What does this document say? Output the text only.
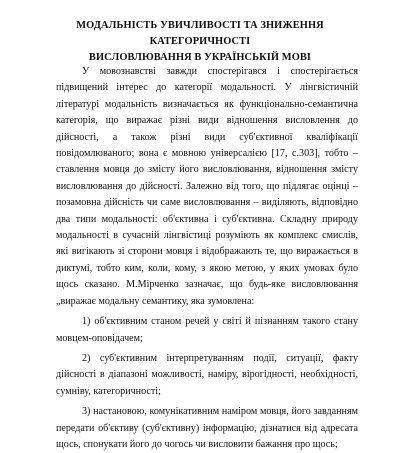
МОДАЛЬНІСТЬ УВИЧЛИВОСТІ ТА ЗНИЖЕННЯ КАТЕГОРИЧНОСТІ
ВИСЛОВЛЮВАННЯ В УКРАЇНСЬКІЙ МОВІ

У мовознавстві завжди спостерігався і спостерігається підвищений інтерес до категорії модальності. У лінгвістичній літературі модальність визначається як функціонально-семантична категорія, що виражає різні види відношення висловлення до дійсності, а також різні види суб'єктивної кваліфікації повідомлюваного; вона є мовною універсалією [17, с.303], тобто – ставлення мовця до змісту його висловлювання, відношення змісту висловлювання до дійсності. Залежно від того, що підлягає оцінці – позамовна дійсність чи саме висловлювання – виділяють, відповідно два типи модальності: об'єктивна і суб'єктивна. Складну природу модальності в сучасній лінгвістиці розуміють як комплекс смислів, які вигікають зі сторони мовця і відображають те, що виражається в диктумі, тобто ким, коли, кому, з якою метою, у яких умовах було щось сказано. М.Мірченко зазначає, що будь-яке висловлювання „виражає модальну семантику, яка зумовлена:

1) об'єктивним станом речей у світі й пізнанням такого стану мовцем-оповідачем;

2) суб'єктивним інтерпретуванням події, ситуації, факту дійсності в діапазоні можливості, наміру, вірогідності, необхідності, сумніву, категоричності;

3) настановою, комунікативним наміром мовця, його завданням передати об'єктиву (суб'єктивну) інформацію, дізнатися від адресата щось, спонукати його до чогось чи висловити бажання про щось;
